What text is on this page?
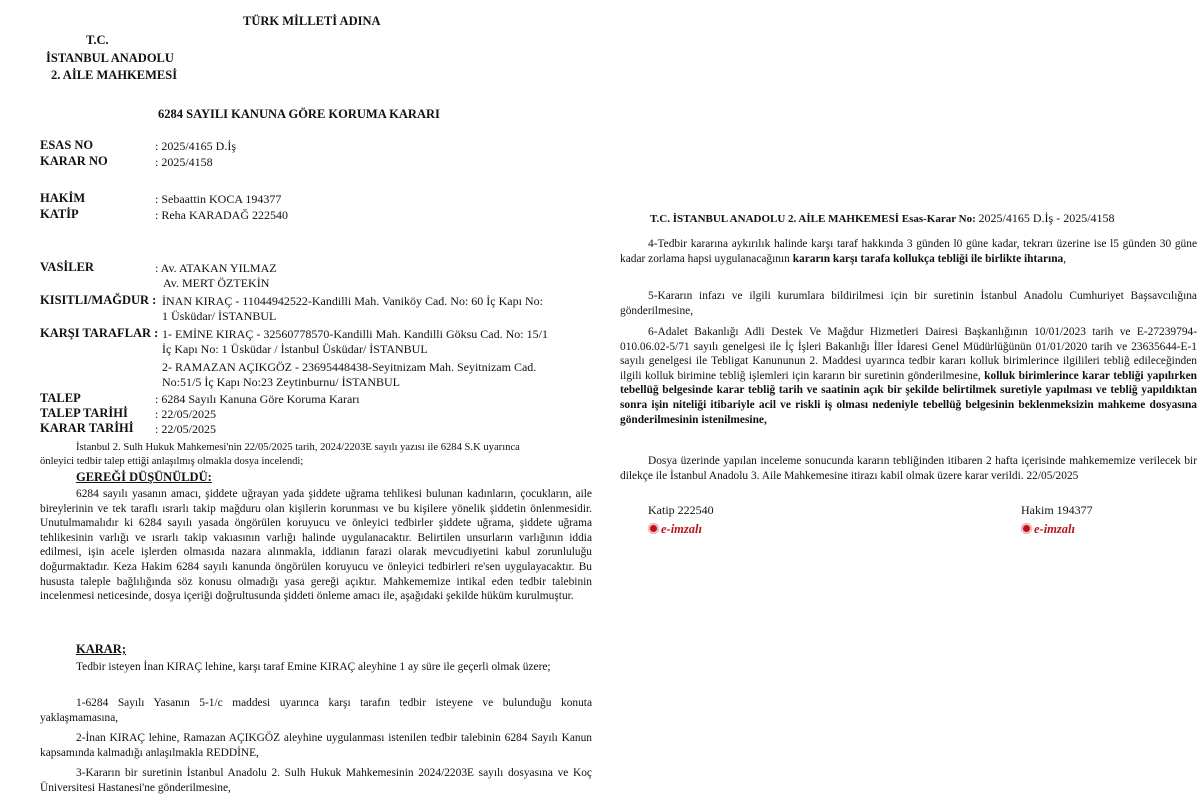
TÜRK MİLLETİ ADINA
T.C.
İSTANBUL ANADOLU
2. AİLE MAHKEMESİ
6284 SAYILI KANUNA GÖRE KORUMA KARARI
ESAS NO	: 2025/4165 D.İş
KARAR NO	: 2025/4158
HAKİM	: Sebaattin KOCA 194377
KATİP	: Reha KARADAĞ 222540
VASİLER	: Av. ATAKAN YILMAZ
Av. MERT ÖZTEKİN
KISITLI/MAĞDUR : İNAN KIRAÇ - 11044942522-Kandilli Mah. Vaniköy Cad. No: 60 İç Kapı No:
1 Üsküdar/ İSTANBUL
KARŞI TARAFLAR : 1- EMİNE KIRAÇ - 32560778570-Kandilli Mah. Kandilli Göksu Cad. No: 15/1
İç Kapı No: 1 Üsküdar / İstanbul Üsküdar/ İSTANBUL
2- RAMAZAN AÇIKGÖZ - 23695448438-Seyitnizam Mah. Seyitnizam Cad.
No:51/5 İç Kapı No:23 Zeytinburnu/ İSTANBUL
TALEP	: 6284 Sayılı Kanuna Göre Koruma Kararı
TALEP TARİHİ : 22/05/2025
KARAR TARİHİ : 22/05/2025
İstanbul 2. Sulh Hukuk Mahkemesi'nin 22/05/2025 tarih, 2024/2203E sayılı yazısı ile 6284 S.K uyarınca
önleyici tedbir talep ettiği anlaşılmış olmakla dosya incelendi;
GEREĞİ DÜŞÜNÜLDÜ:
6284 sayılı yasanın amacı, şiddete uğrayan yada şiddete uğrama tehlikesi bulunan kadınların, çocukların, aile bireylerinin ve tek taraflı ısrarlı takip mağduru olan kişilerin korunması ve bu kişilere yönelik şiddetin önlenmesidir. Unutulmamalıdır ki 6284 sayılı yasada öngörülen koruyucu ve önleyici tedbirler şiddete uğrama, şiddete uğrama tehlikesinin varlığı ve ısrarlı takip vakıasının varlığı halinde uygulanacaktır. Belirtilen unsurların varlığının iddia edilmesi, işin acele işlerden olmasıda nazara alınmakla, iddianın farazi olarak mevcudiyetini kabul zorunluluğu doğurmaktadır. Keza Hakim 6284 sayılı kanunda öngörülen koruyucu ve önleyici tedbirleri re'sen uygulayacaktır. Bu hususta taleple bağlılığında söz konusu olmadığı yasa gereği açıktır. Mahkememize intikal eden tedbir talebinin incelenmesi neticesinde, dosya içeriği doğrultusunda şiddeti önleme amacı ile, aşağıdaki şekilde hüküm kurulmuştur.
KARAR;
Tedbir isteyen İnan KIRAÇ lehine, karşı taraf Emine KIRAÇ aleyhine 1 ay süre ile geçerli olmak üzere;
1-6284 Sayılı Yasanın 5-1/c maddesi uyarınca karşı tarafın tedbir isteyene ve bulunduğu konuta yaklaşmamasına,
2-İnan KIRAÇ lehine, Ramazan AÇIKGÖZ aleyhine uygulanması istenilen tedbir talebinin 6284 Sayılı Kanun kapsamında kalmadığı anlaşılmakla REDDİNE,
3-Kararın bir suretinin İstanbul Anadolu 2. Sulh Hukuk Mahkemesinin 2024/2203E sayılı dosyasına ve Koç Üniversitesi Hastanesi'ne gönderilmesine,
T.C. İSTANBUL ANADOLU 2. AİLE MAHKEMESİ Esas-Karar No: 2025/4165 D.İş - 2025/4158
4-Tedbir kararına aykırılık halinde karşı taraf hakkında 3 günden l0 güne kadar, tekrarı üzerine ise l5 günden 30 güne kadar zorlama hapsi uygulanacağının kararın karşı tarafa kollukça tebliği ile birlikte ihtarına,
5-Kararın infazı ve ilgili kurumlara bildirilmesi için bir suretinin İstanbul Anadolu Cumhuriyet Başsavcılığına gönderilmesine,
6-Adalet Bakanlığı Adli Destek Ve Mağdur Hizmetleri Dairesi Başkanlığının 10/01/2023 tarih ve E-27239794-010.06.02-5/71 sayılı genelgesi ile İç İşleri Bakanlığı İller İdaresi Genel Müdürlüğünün 01/01/2020 tarih ve 23635644-E-1 sayılı genelgesi ile Tebligat Kanununun 2. Maddesi uyarınca tedbir kararı kolluk birimlerince ilgilileri tebliğ edileceğinden ilgili kolluk birimine tebliğ işlemleri için kararın bir suretinin gönderilmesine, kolluk birimlerince karar tebliği yapılırken tebellüğ belgesinde karar tebliğ tarih ve saatinin açık bir şekilde belirtilmek suretiyle yapılması ve tebliğ yapıldıktan sonra işin niteliği itibariyle acil ve riskli iş olması nedeniyle tebellüğ belgesinin beklenmeksizin mahkeme dosyasına gönderilmesinin istenilmesine,
Dosya üzerinde yapılan inceleme sonucunda kararın tebliğinden itibaren 2 hafta içerisinde mahkememize verilecek bir dilekçe ile İstanbul Anadolu 3. Aile Mahkemesine itirazı kabil olmak üzere karar verildi. 22/05/2025
Katip 222540	Hakim 194377
e-imzalı	e-imzalı
